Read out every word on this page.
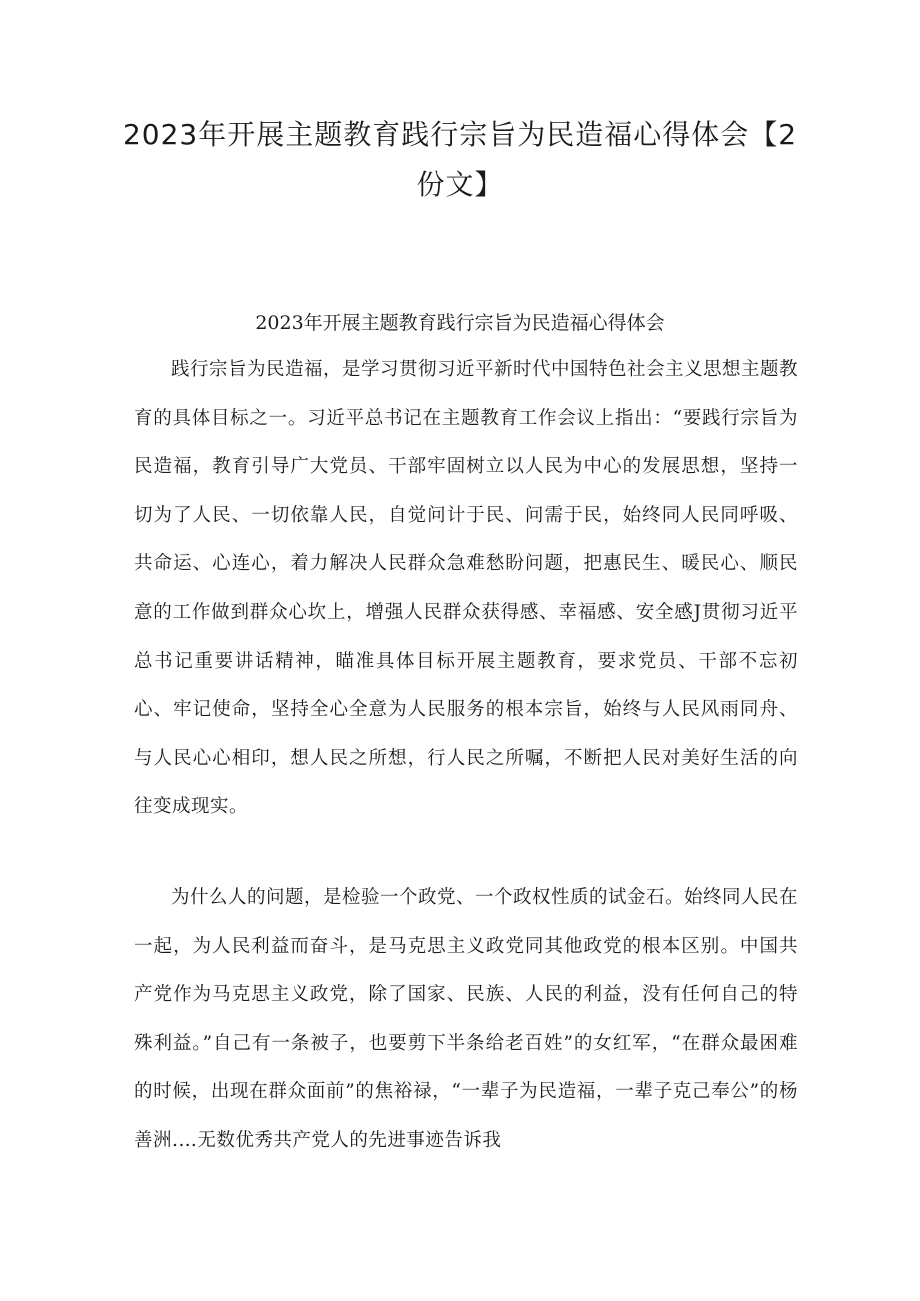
2023年开展主题教育践行宗旨为民造福心得体会【2份文】
2023年开展主题教育践行宗旨为民造福心得体会

践行宗旨为民造福，是学习贯彻习近平新时代中国特色社会主义思想主题教育的具体目标之一。习近平总书记在主题教育工作会议上指出：“要践行宗旨为民造福，教育引导广大党员、干部牢固树立以人民为中心的发展思想，坚持一切为了人民、一切依靠人民，自觉问计于民、问需于民，始终同人民同呼吸、共命运、心连心，着力解决人民群众急难愁盼问题，把惠民生、暖民心、顺民意的工作做到群众心坎上，增强人民群众获得感、幸福感、安全感J贯彻习近平总书记重要讲话精神，瞄准具体目标开展主题教育，要求党员、干部不忘初心、牢记使命，坚持全心全意为人民服务的根本宗旨，始终与人民风雨同舟、与人民心心相印，想人民之所想，行人民之所嘱，不断把人民对美好生活的向往变成现实。

为什么人的问题，是检验一个政党、一个政权性质的试金石。始终同人民在一起，为人民利益而奋斗，是马克思主义政党同其他政党的根本区别。中国共产党作为马克思主义政党，除了国家、民族、人民的利益，没有任何自己的特殊利益。”自己有一条被子，也要剪下半条给老百姓”的女红军，“在群众最困难的时候，出现在群众面前”的焦裕禄，“一辈子为民造福，一辈子克己奉公”的杨善洲.…无数优秀共产党人的先进事迹告诉我
